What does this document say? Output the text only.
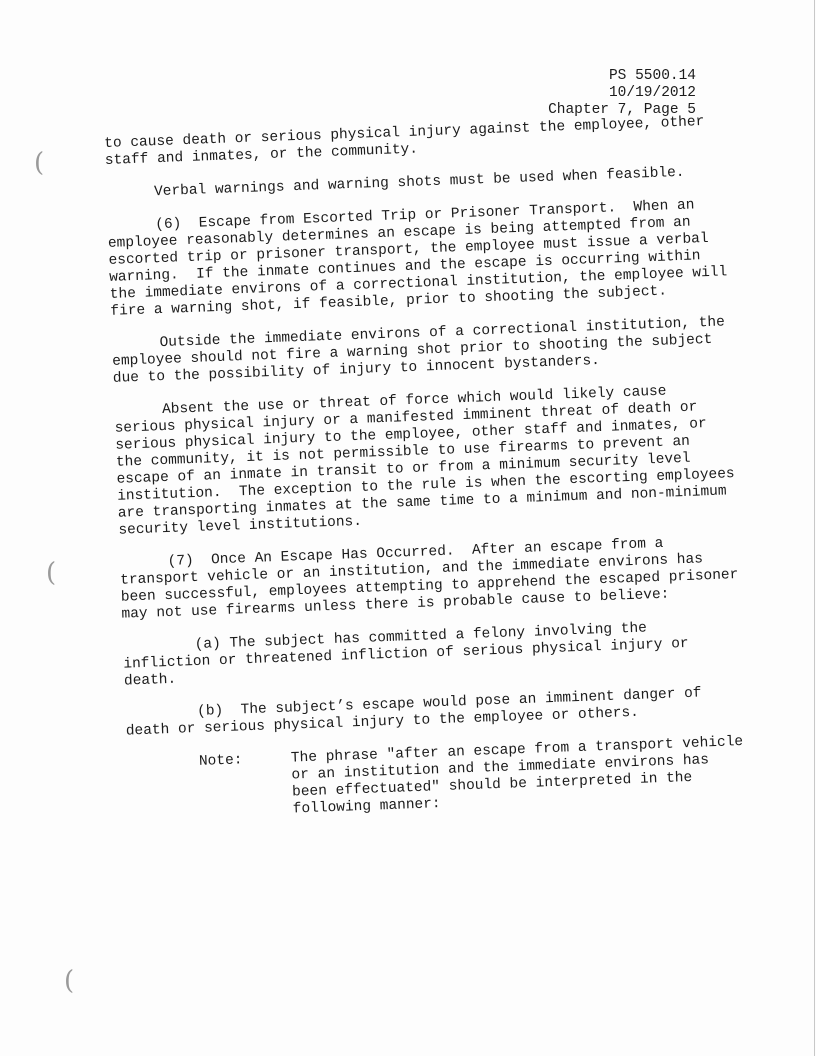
(
(
(
PS 5500.14
10/19/2012
Chapter 7, Page 5

to cause death or serious physical injury against the employee, other staff and inmates, or the community.

Verbal warnings and warning shots must be used when feasible.

(6)  Escape from Escorted Trip or Prisoner Transport.  When an employee reasonably determines an escape is being attempted from an escorted trip or prisoner transport, the employee must issue a verbal warning.  If the inmate continues and the escape is occurring within the immediate environs of a correctional institution, the employee will fire a warning shot, if feasible, prior to shooting the subject.

Outside the immediate environs of a correctional institution, the employee should not fire a warning shot prior to shooting the subject due to the possibility of injury to innocent bystanders.

Absent the use or threat of force which would likely cause serious physical injury or a manifested imminent threat of death or serious physical injury to the employee, other staff and inmates, or the community, it is not permissible to use firearms to prevent an escape of an inmate in transit to or from a minimum security level institution.  The exception to the rule is when the escorting employees are transporting inmates at the same time to a minimum and non-minimum security level institutions.

(7)  Once An Escape Has Occurred.  After an escape from a transport vehicle or an institution, and the immediate environs has been successful, employees attempting to apprehend the escaped prisoner may not use firearms unless there is probable cause to believe:

(a) The subject has committed a felony involving the infliction or threatened infliction of serious physical injury or death.

(b)  The subject’s escape would pose an imminent danger of death or serious physical injury to the employee or others.

Note:	The phrase "after an escape from a transport vehicle or an institution and the immediate environs has been effectuated" should be interpreted in the following manner:
